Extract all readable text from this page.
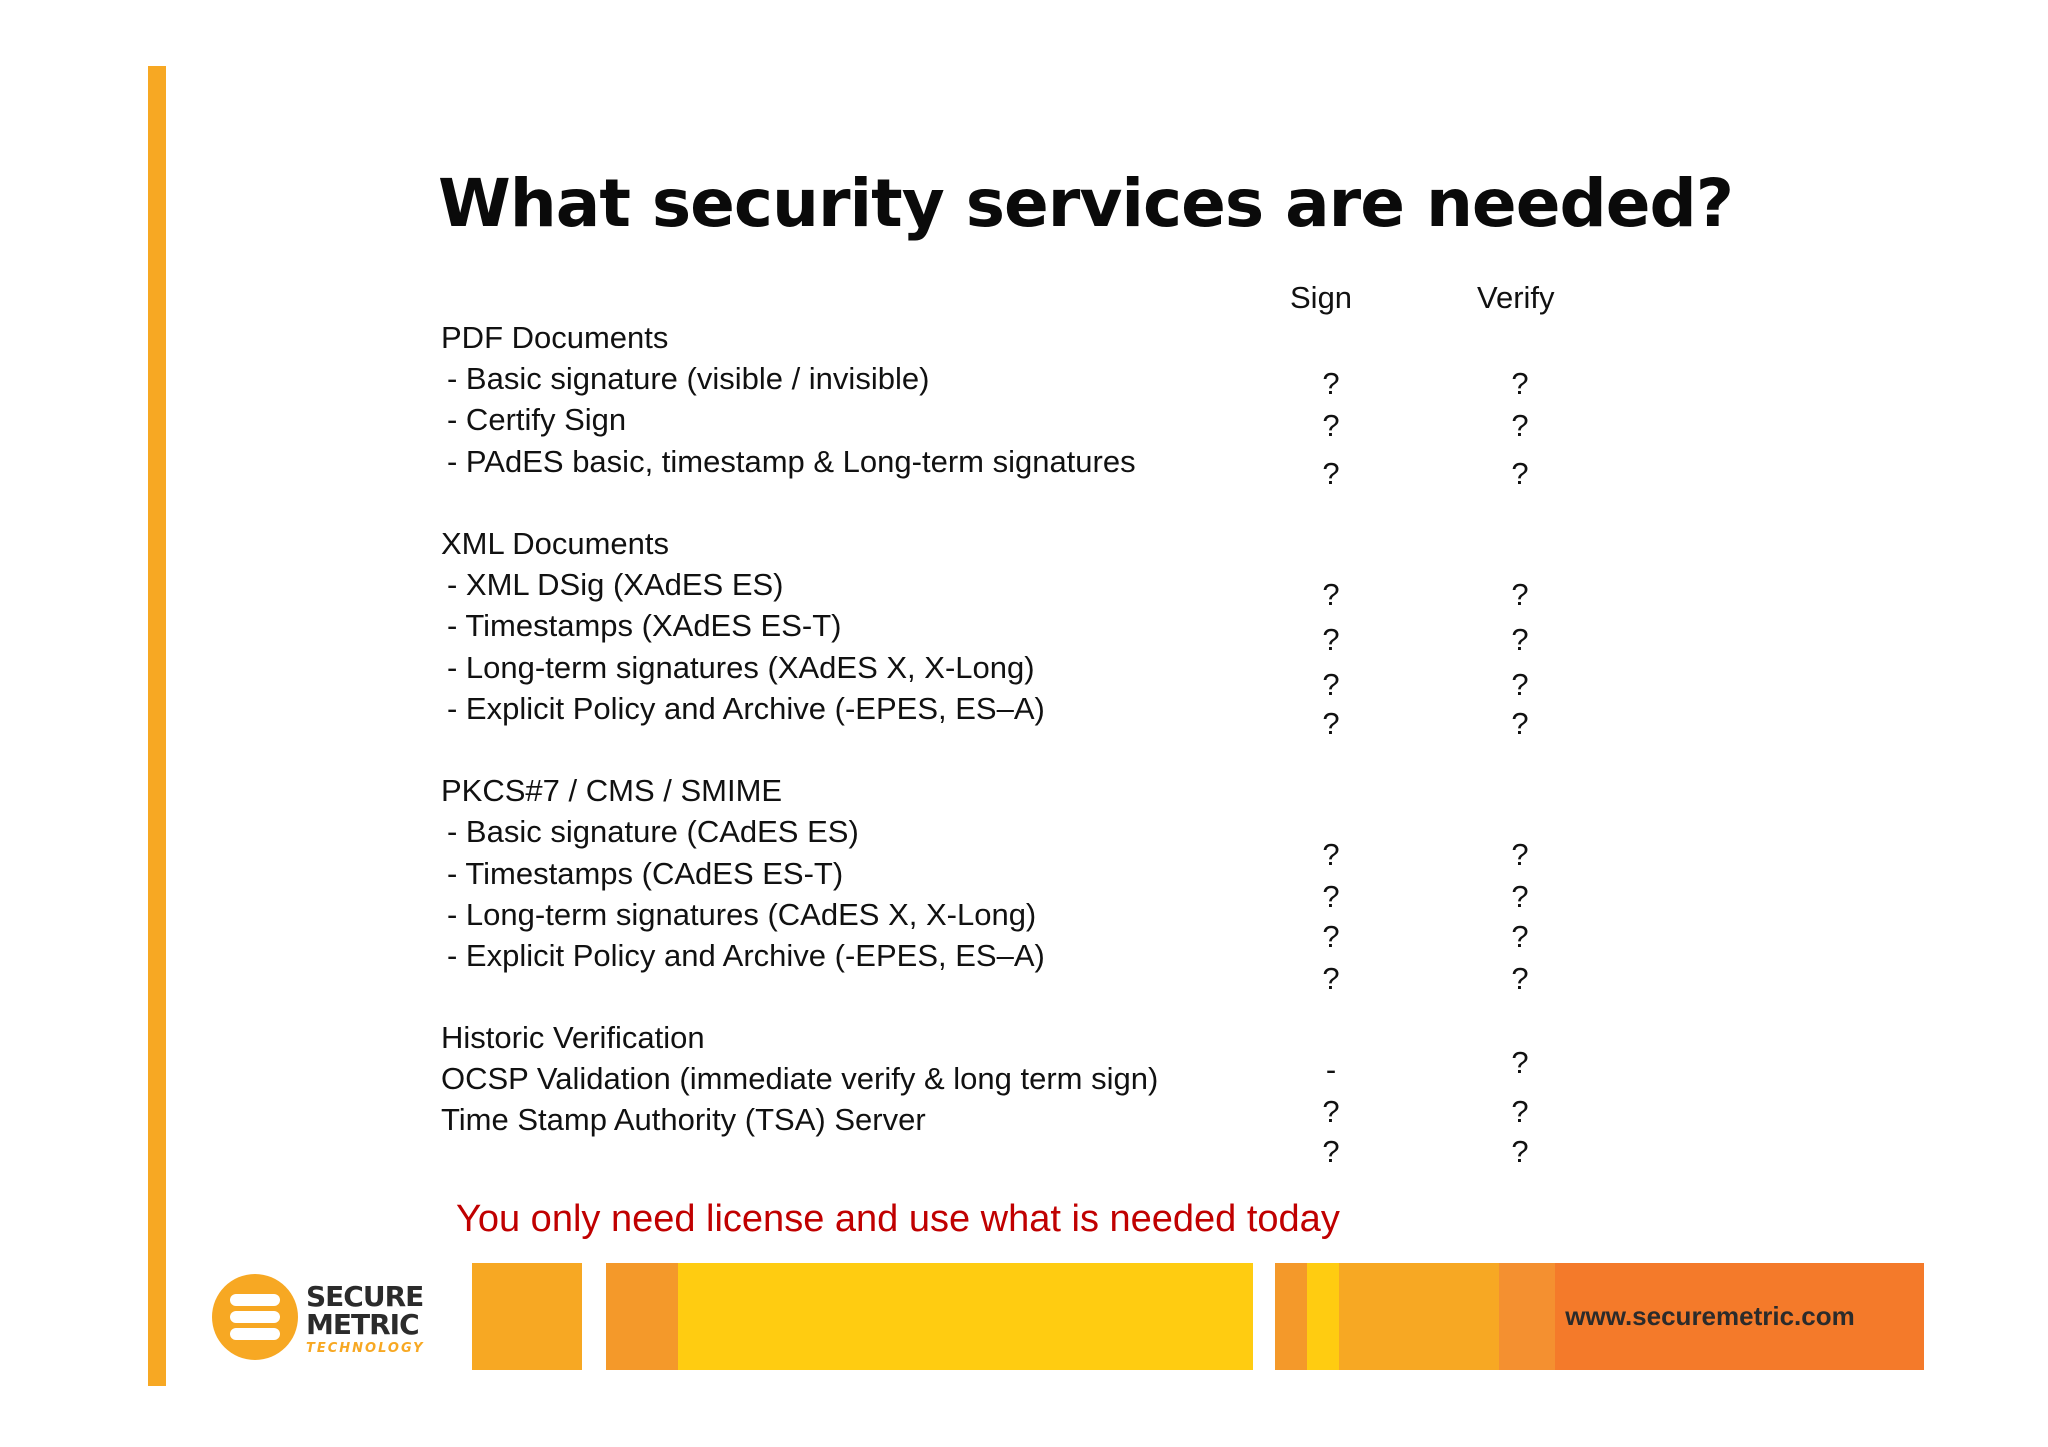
What security services are needed?
Sign	Verify
PDF Documents
- Basic signature (visible / invisible)
- Certify Sign
- PAdES basic, timestamp & Long-term signatures
XML Documents
- XML DSig (XAdES ES)
- Timestamps (XAdES ES-T)
- Long-term signatures (XAdES X, X-Long)
- Explicit Policy and Archive (-EPES, ES–A)
PKCS#7 / CMS / SMIME
- Basic signature (CAdES ES)
- Timestamps (CAdES ES-T)
- Long-term signatures (CAdES X, X-Long)
- Explicit Policy and Archive (-EPES, ES–A)
Historic Verification
OCSP Validation (immediate verify & long term sign)
Time Stamp Authority (TSA) Server
?
?
?
?
?
?
?
?
?
?
?
-
?
?
?
?
?
?
?
?
?
?
?
?
?
?
?
?
You only need license and use what is needed today
SECURE
METRIC
TECHNOLOGY
www.securemetric.com
